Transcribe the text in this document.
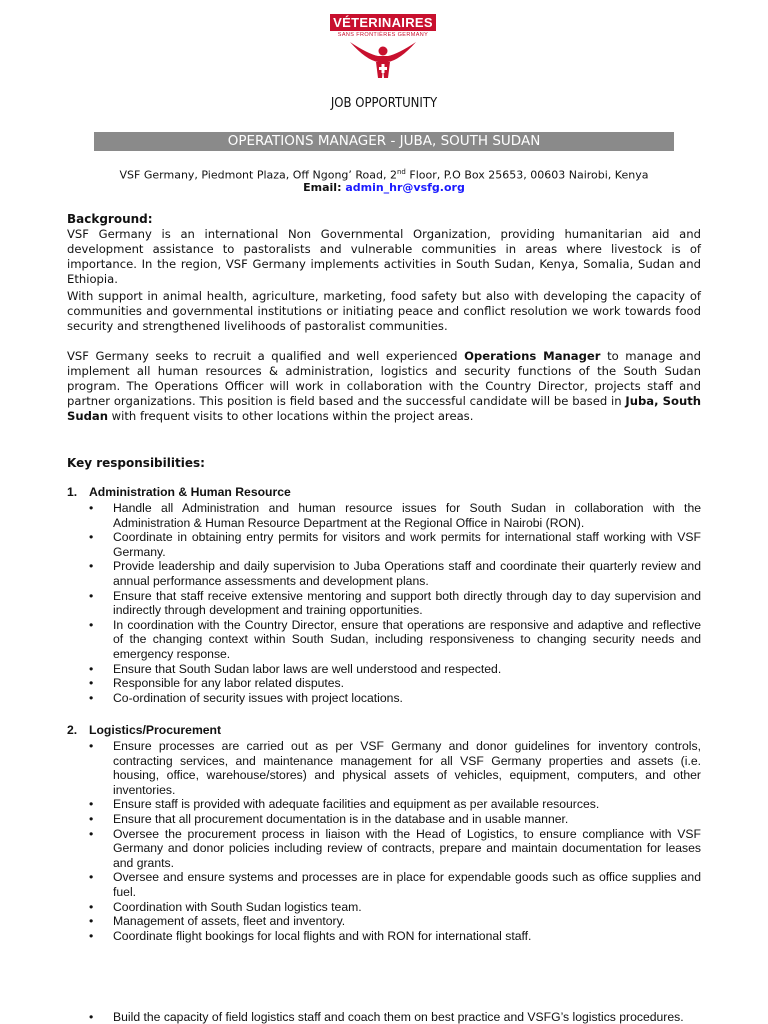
VÉTERINAIRES
SANS FRONTIÈRES GERMANY
JOB OPPORTUNITY
OPERATIONS MANAGER - JUBA, SOUTH SUDAN
VSF Germany, Piedmont Plaza, Off Ngong’ Road, 2nd Floor, P.O Box 25653, 00603 Nairobi, Kenya
Email: admin_hr@vsfg.org
Background:
VSF Germany is an international Non Governmental Organization, providing humanitarian aid and development assistance to pastoralists and vulnerable communities in areas where livestock is of importance. In the region, VSF Germany implements activities in South Sudan, Kenya, Somalia, Sudan and Ethiopia.
With support in animal health, agriculture, marketing, food safety but also with developing the capacity of communities and governmental institutions or initiating peace and conflict resolution we work towards food security and strengthened livelihoods of pastoralist communities.
VSF Germany seeks to recruit a qualified and well experienced Operations Manager to manage and implement all human resources & administration, logistics and security functions of the South Sudan program. The Operations Officer will work in collaboration with the Country Director, projects staff and partner organizations. This position is field based and the successful candidate will be based in Juba, South Sudan with frequent visits to other locations within the project areas.
Key responsibilities:
1. Administration & Human Resource
• Handle all Administration and human resource issues for South Sudan in collaboration with the Administration & Human Resource Department at the Regional Office in Nairobi (RON).
• Coordinate in obtaining entry permits for visitors and work permits for international staff working with VSF Germany.
• Provide leadership and daily supervision to Juba Operations staff and coordinate their quarterly review and annual performance assessments and development plans.
• Ensure that staff receive extensive mentoring and support both directly through day to day supervision and indirectly through development and training opportunities.
• In coordination with the Country Director, ensure that operations are responsive and adaptive and reflective of the changing context within South Sudan, including responsiveness to changing security needs and emergency response.
• Ensure that South Sudan labor laws are well understood and respected.
• Responsible for any labor related disputes.
• Co-ordination of security issues with project locations.
2. Logistics/Procurement
• Ensure processes are carried out as per VSF Germany and donor guidelines for inventory controls, contracting services, and maintenance management for all VSF Germany properties and assets (i.e. housing, office, warehouse/stores) and physical assets of vehicles, equipment, computers, and other inventories.
• Ensure staff is provided with adequate facilities and equipment as per available resources.
• Ensure that all procurement documentation is in the database and in usable manner.
• Oversee the procurement process in liaison with the Head of Logistics, to ensure compliance with VSF Germany and donor policies including review of contracts, prepare and maintain documentation for leases and grants.
• Oversee and ensure systems and processes are in place for expendable goods such as office supplies and fuel.
• Coordination with South Sudan logistics team.
• Management of assets, fleet and inventory.
• Coordinate flight bookings for local flights and with RON for international staff.
• Build the capacity of field logistics staff and coach them on best practice and VSFG’s logistics procedures.
